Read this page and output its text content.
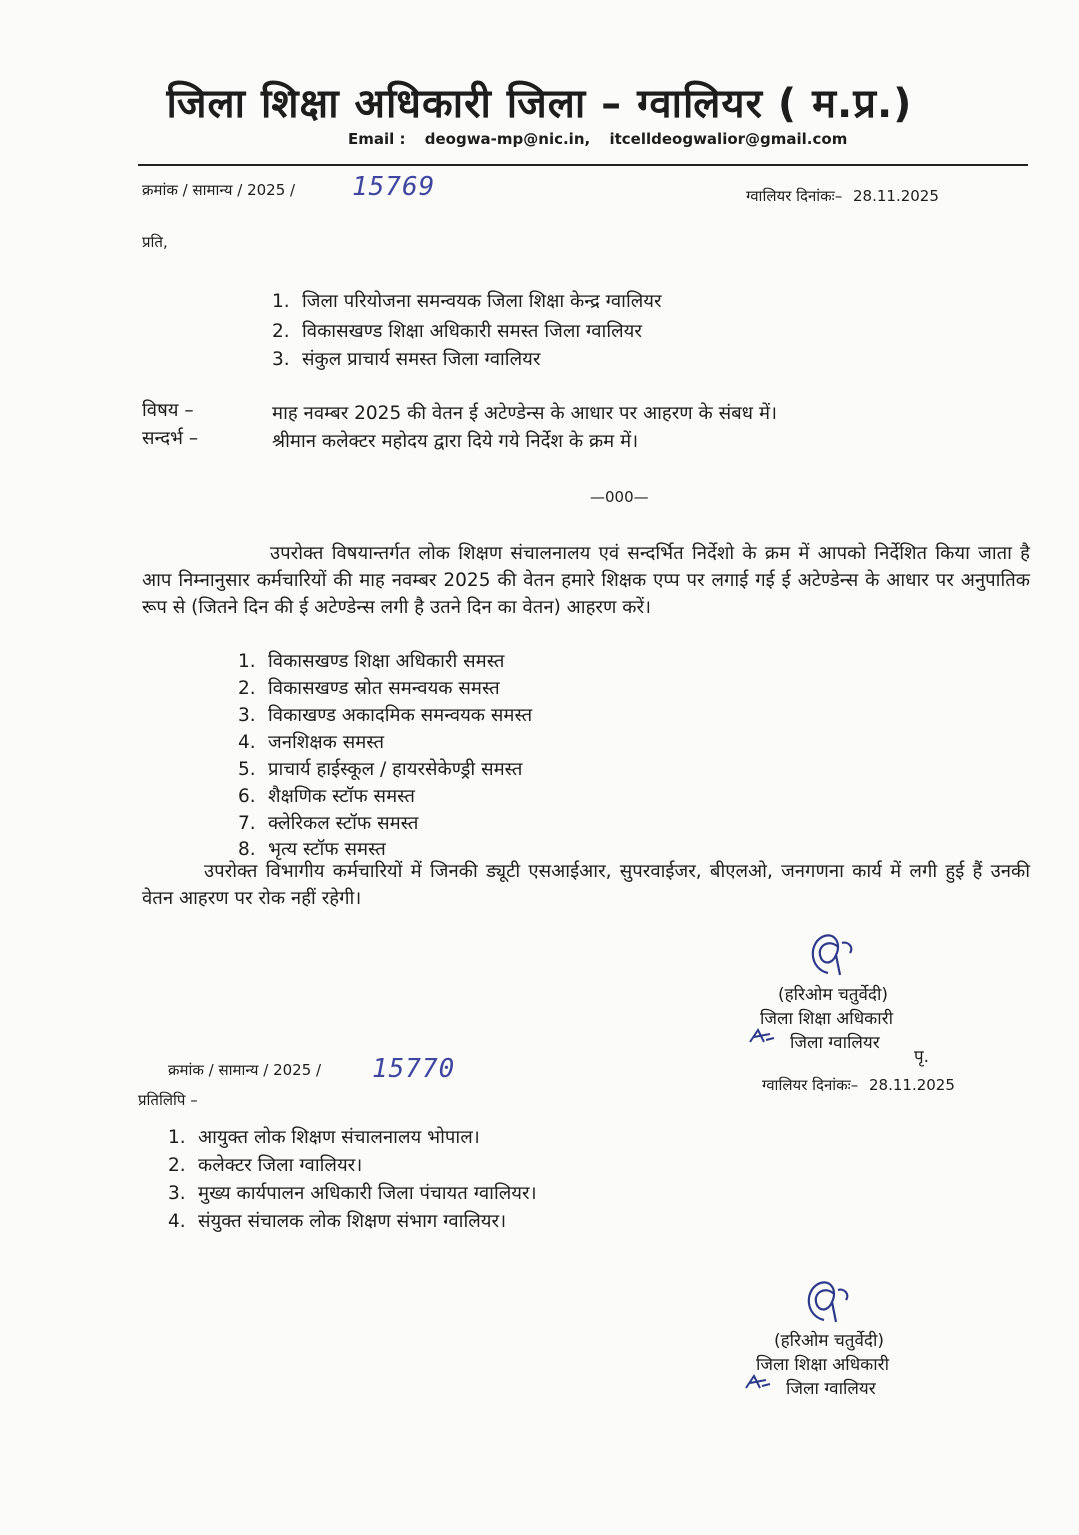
जिला शिक्षा अधिकारी जिला – ग्वालियर ( म.प्र.)
Email : deogwa-mp@nic.in, itcelldeogwalior@gmail.com
क्रमांक / सामान्य / 2025 / 15769	ग्वालियर दिनांकः– 28.11.2025
प्रति,
1. जिला परियोजना समन्वयक जिला शिक्षा केन्द्र ग्वालियर
2. विकासखण्ड शिक्षा अधिकारी समस्त जिला ग्वालियर
3. संकुल प्राचार्य समस्त जिला ग्वालियर
विषय –	माह नवम्बर 2025 की वेतन ई अटेण्डेन्स के आधार पर आहरण के संबध में।
सन्दर्भ –	श्रीमान कलेक्टर महोदय द्वारा दिये गये निर्देश के क्रम में।
—000—
उपरोक्त विषयान्तर्गत लोक शिक्षण संचालनालय एवं सन्दर्भित निर्देशो के क्रम में आपको निर्देशित किया जाता है आप निम्नानुसार कर्मचारियों की माह नवम्बर 2025 की वेतन हमारे शिक्षक एप्प पर लगाई गई ई अटेण्डेन्स के आधार पर अनुपातिक रूप से (जितने दिन की ई अटेण्डेन्स लगी है उतने दिन का वेतन) आहरण करें।
1. विकासखण्ड शिक्षा अधिकारी समस्त
2. विकासखण्ड स्रोत समन्वयक समस्त
3. विकाखण्ड अकादमिक समन्वयक समस्त
4. जनशिक्षक समस्त
5. प्राचार्य हाईस्कूल / हायरसेकेण्ड्री समस्त
6. शैक्षणिक स्टॉफ समस्त
7. क्लेरिकल स्टॉफ समस्त
8. भृत्य स्टॉफ समस्त
उपरोक्त विभागीय कर्मचारियों में जिनकी ड्यूटी एसआईआर, सुपरवाईजर, बीएलओ, जनगणना कार्य में लगी हुई हैं उनकी वेतन आहरण पर रोक नहीं रहेगी।
(हरिओम चतुर्वेदी)
जिला शिक्षा अधिकारी
जिला ग्वालियर
क्रमांक / सामान्य / 2025 / 15770	पृ.
ग्वालियर दिनांकः– 28.11.2025
प्रतिलिपि –
1. आयुक्त लोक शिक्षण संचालनालय भोपाल।
2. कलेक्टर जिला ग्वालियर।
3. मुख्य कार्यपालन अधिकारी जिला पंचायत ग्वालियर।
4. संयुक्त संचालक लोक शिक्षण संभाग ग्वालियर।
(हरिओम चतुर्वेदी)
जिला शिक्षा अधिकारी
जिला ग्वालियर
